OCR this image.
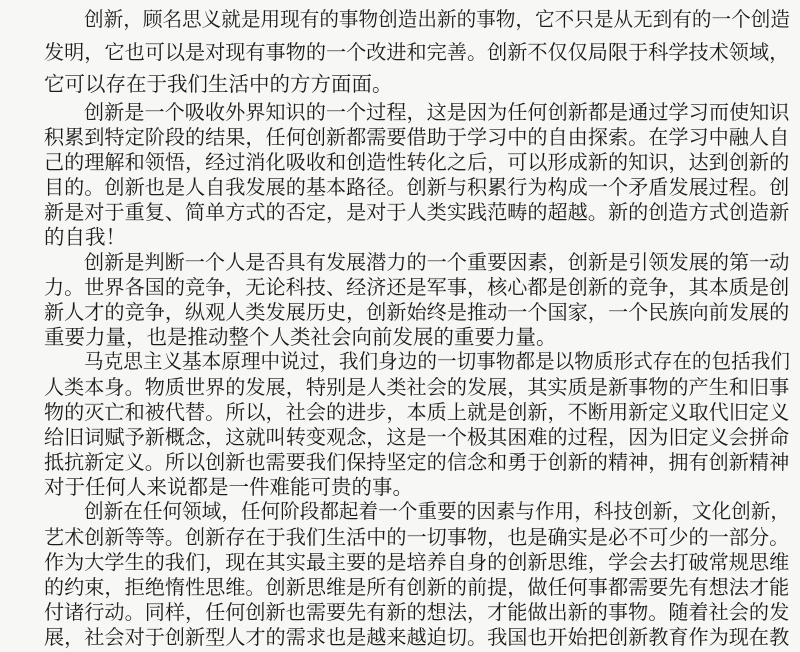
创新，顾名思义就是用现有的事物创造出新的事物，它不只是从无到有的一个创造
发明，它也可以是对现有事物的一个改进和完善。创新不仅仅局限于科学技术领域，
它可以存在于我们生活中的方方面面。
创新是一个吸收外界知识的一个过程，这是因为任何创新都是通过学习而使知识
积累到特定阶段的结果，任何创新都需要借助于学习中的自由探索。在学习中融人自
己的理解和领悟，经过消化吸收和创造性转化之后，可以形成新的知识，达到创新的
目的。创新也是人自我发展的基本路径。创新与积累行为构成一个矛盾发展过程。创
新是对于重复、简单方式的否定，是对于人类实践范畴的超越。新的创造方式创造新
的自我！
创新是判断一个人是否具有发展潜力的一个重要因素，创新是引领发展的第一动
力。世界各国的竞争，无论科技、经济还是军事，核心都是创新的竞争，其本质是创
新人才的竞争，纵观人类发展历史，创新始终是推动一个国家，一个民族向前发展的
重要力量，也是推动整个人类社会向前发展的重要力量。
马克思主义基本原理中说过，我们身边的一切事物都是以物质形式存在的包括我们
人类本身。物质世界的发展，特别是人类社会的发展，其实质是新事物的产生和旧事
物的灭亡和被代替。所以，社会的进步，本质上就是创新，不断用新定义取代旧定义
给旧词赋予新概念，这就叫转变观念，这是一个极其困难的过程，因为旧定义会拼命
抵抗新定义。所以创新也需要我们保持坚定的信念和勇于创新的精神，拥有创新精神
对于任何人来说都是一件难能可贵的事。
创新在任何领域，任何阶段都起着一个重要的因素与作用，科技创新，文化创新，
艺术创新等等。创新存在于我们生活中的一切事物，也是确实是必不可少的一部分。
作为大学生的我们，现在其实最主要的是培养自身的创新思维，学会去打破常规思维
的约束，拒绝惰性思维。创新思维是所有创新的前提，做任何事都需要先有想法才能
付诸行动。同样，任何创新也需要先有新的想法，才能做出新的事物。随着社会的发
展，社会对于创新型人才的需求也是越来越迫切。我国也开始把创新教育作为现在教
